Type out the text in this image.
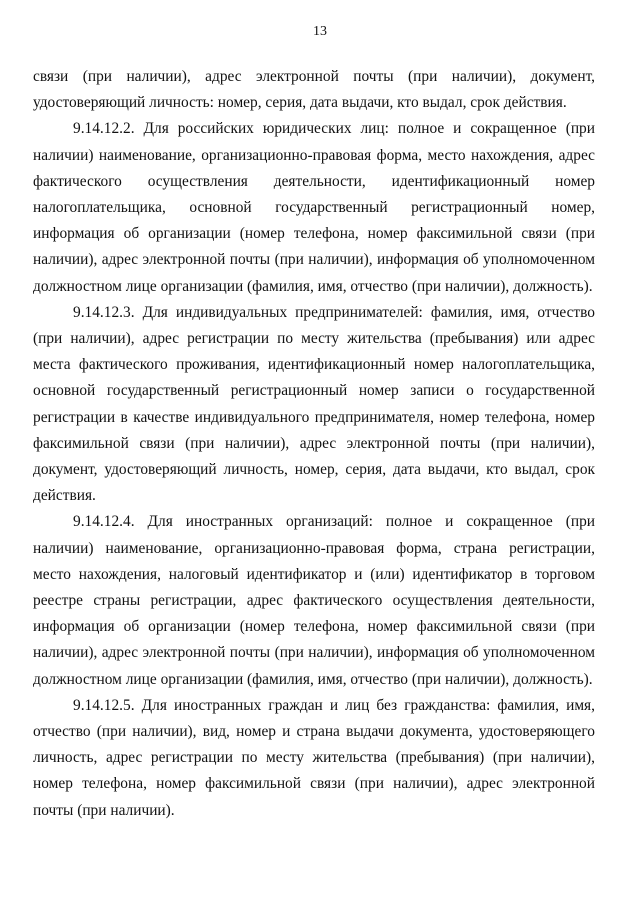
13
связи (при наличии), адрес электронной почты (при наличии), документ,
удостоверяющий личность: номер, серия, дата выдачи, кто выдал, срок действия.
9.14.12.2. Для российских юридических лиц: полное и сокращенное (при
наличии) наименование, организационно-правовая форма, место нахождения, адрес
фактического осуществления деятельности, идентификационный номер
налогоплательщика, основной государственный регистрационный номер,
информация об организации (номер телефона, номер факсимильной связи (при
наличии), адрес электронной почты (при наличии), информация об уполномоченном
должностном лице организации (фамилия, имя, отчество (при наличии), должность).
9.14.12.3. Для индивидуальных предпринимателей: фамилия, имя, отчество
(при наличии), адрес регистрации по месту жительства (пребывания) или адрес
места фактического проживания, идентификационный номер налогоплательщика,
основной государственный регистрационный номер записи о государственной
регистрации в качестве индивидуального предпринимателя, номер телефона, номер
факсимильной связи (при наличии), адрес электронной почты (при наличии),
документ, удостоверяющий личность, номер, серия, дата выдачи, кто выдал, срок
действия.
9.14.12.4. Для иностранных организаций: полное и сокращенное (при
наличии) наименование, организационно-правовая форма, страна регистрации,
место нахождения, налоговый идентификатор и (или) идентификатор в торговом
реестре страны регистрации, адрес фактического осуществления деятельности,
информация об организации (номер телефона, номер факсимильной связи (при
наличии), адрес электронной почты (при наличии), информация об уполномоченном
должностном лице организации (фамилия, имя, отчество (при наличии), должность).
9.14.12.5. Для иностранных граждан и лиц без гражданства: фамилия, имя,
отчество (при наличии), вид, номер и страна выдачи документа, удостоверяющего
личность, адрес регистрации по месту жительства (пребывания) (при наличии),
номер телефона, номер факсимильной связи (при наличии), адрес электронной
почты (при наличии).
